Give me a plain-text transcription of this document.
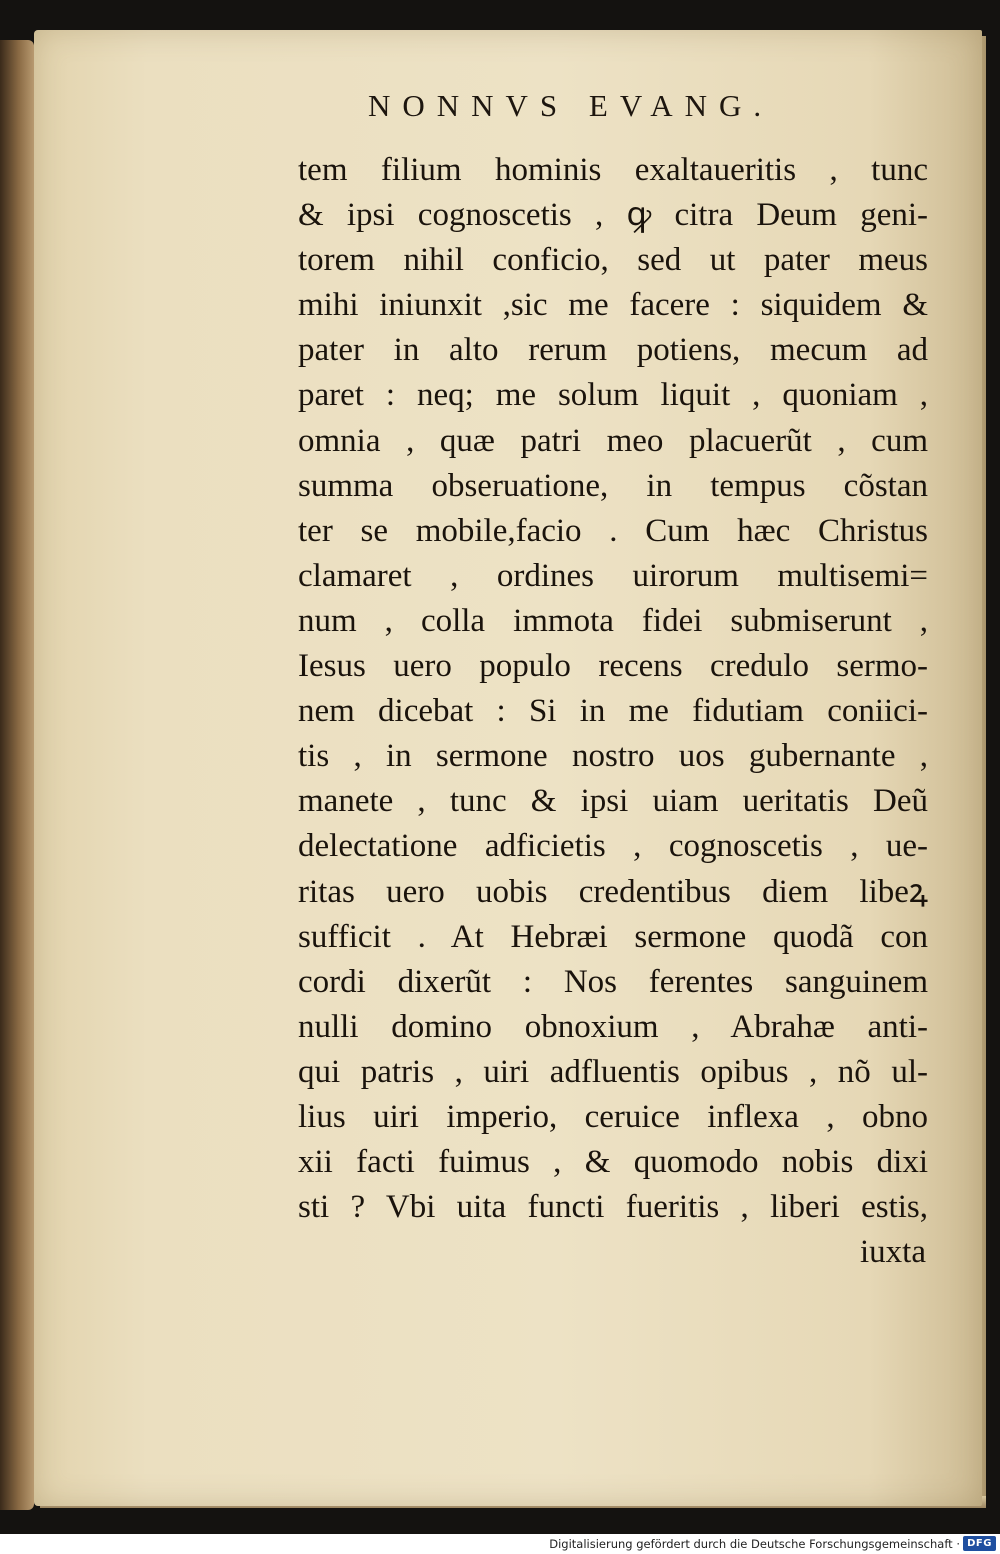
NONNVS EVANG.
tem filium hominis exaltaueritis , tunc
& ipsi cognoscetis , ꝙ citra Deum geni-
torem nihil conficio, sed ut pater meus
mihi iniunxit ,sic me facere : siquidem &
pater in alto rerum potiens, mecum ad
paret : neq; me solum liquit , quoniam ,
omnia , quæ patri meo placuerũt , cum
summa obseruatione, in tempus cõstan
ter se mobile,facio . Cum hæc Christus
clamaret , ordines uirorum multisemi=
num , colla immota fidei submiserunt ,
Iesus uero populo recens credulo sermo-
nem dicebat : Si in me fidutiam coniici-
tis , in sermone nostro uos gubernante ,
manete , tunc & ipsi uiam ueritatis Deũ
delectatione adficietis , cognoscetis , ue-
ritas uero uobis credentibus diem libeꝝ
sufficit . At Hebræi sermone quodã con
cordi dixerũt : Nos ferentes sanguinem
nulli domino obnoxium , Abrahæ anti-
qui patris , uiri adfluentis opibus , nõ ul-
lius uiri imperio, ceruice inflexa , obno
xii facti fuimus , & quomodo nobis dixi
sti ? Vbi uita functi fueritis , liberi estis,
iuxta
Digitalisierung gefördert durch die Deutsche Forschungsgemeinschaft · DFG
